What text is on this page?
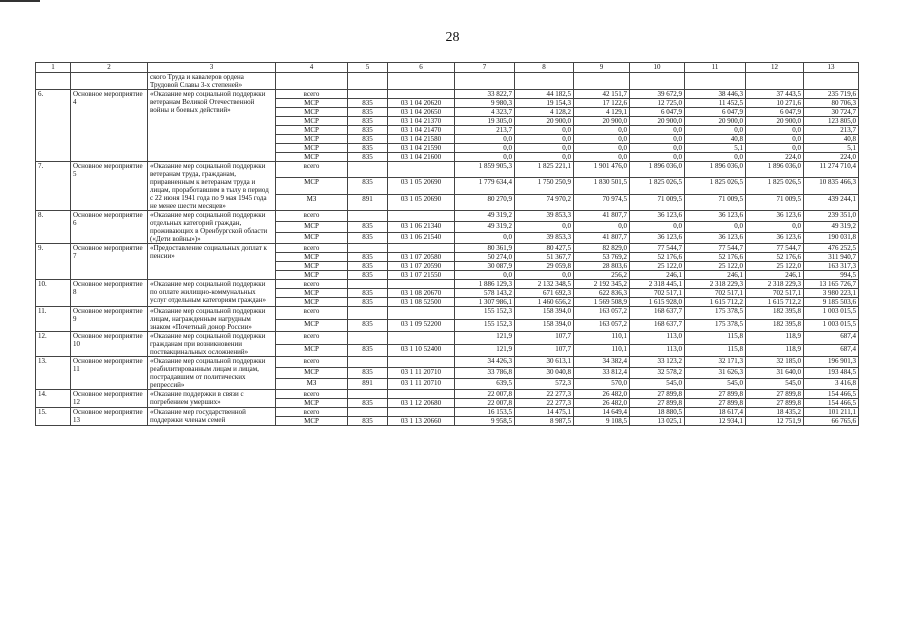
28
1	2	3	4	5	6	7	8	9	10	11	12	13
		ского Труда и кавалеров ордена Трудовой Славы 3-х степеней»										
6.	Основное мероприятие 4	«Оказание мер социальной поддержки ветеранам Великой Отечественной войны и боевых действий»	всего			33 822,7	44 182,5	42 151,7	39 672,9	38 446,3	37 443,5	235 719,6
			МСР	835	03 1 04 20620	9 980,3	19 154,3	17 122,6	12 725,0	11 452,5	10 271,6	80 706,3
			МСР	835	03 1 04 20650	4 323,7	4 128,2	4 129,1	6 047,9	6 047,9	6 047,9	30 724,7
			МСР	835	03 1 04 21370	19 305,0	20 900,0	20 900,0	20 900,0	20 900,0	20 900,0	123 805,0
			МСР	835	03 1 04 21470	213,7	0,0	0,0	0,0	0,0	0,0	213,7
			МСР	835	03 1 04 21580	0,0	0,0	0,0	0,0	40,8	0,0	40,8
			МСР	835	03 1 04 21590	0,0	0,0	0,0	0,0	5,1	0,0	5,1
			МСР	835	03 1 04 21600	0,0	0,0	0,0	0,0	0,0	224,0	224,0
7.	Основное мероприятие 5	«Оказание мер социальной поддержки ветеранам труда, гражданам, приравненным к ветеранам труда и лицам, проработавшим в тылу в период с 22 июня 1941 года по 9 мая 1945 года не менее шести месяцев»	всего			1 859 905,3	1 825 221,1	1 901 476,0	1 896 036,0	1 896 036,0	1 896 036,0	11 274 710,4
			МСР	835	03 1 05 20690	1 779 634,4	1 750 250,9	1 830 501,5	1 825 026,5	1 825 026,5	1 825 026,5	10 835 466,3
			МЗ	891	03 1 05 20690	80 270,9	74 970,2	70 974,5	71 009,5	71 009,5	71 009,5	439 244,1
8.	Основное мероприятие 6	«Оказание мер социальной поддержки отдельных категорий граждан, проживающих в Оренбургской области («Дети войны»)»	всего			49 319,2	39 853,3	41 807,7	36 123,6	36 123,6	36 123,6	239 351,0
			МСР	835	03 1 06 21340	49 319,2	0,0	0,0	0,0	0,0	0,0	49 319,2
			МСР	835	03 1 06 21540	0,0	39 853,3	41 807,7	36 123,6	36 123,6	36 123,6	190 031,8
9.	Основное мероприятие 7	«Предоставление социальных доплат к пенсии»	всего			80 361,9	80 427,5	82 829,0	77 544,7	77 544,7	77 544,7	476 252,5
			МСР	835	03 1 07 20580	50 274,0	51 367,7	53 769,2	52 176,6	52 176,6	52 176,6	311 940,7
			МСР	835	03 1 07 20590	30 087,9	29 059,8	28 803,6	25 122,0	25 122,0	25 122,0	163 317,3
			МСР	835	03 1 07 21550	0,0	0,0	256,2	246,1	246,1	246,1	994,5
10.	Основное мероприятие 8	«Оказание мер социальной поддержки по оплате жилищно-коммунальных услуг отдельным категориям граждан»	всего			1 886 129,3	2 132 348,5	2 192 345,2	2 318 445,1	2 318 229,3	2 318 229,3	13 165 726,7
			МСР	835	03 1 08 20670	578 143,2	671 692,3	622 836,3	702 517,1	702 517,1	702 517,1	3 980 223,1
			МСР	835	03 1 08 52500	1 307 986,1	1 460 656,2	1 569 508,9	1 615 928,0	1 615 712,2	1 615 712,2	9 185 503,6
11.	Основное мероприятие 9	«Оказание мер социальной поддержки лицам, награжденным нагрудным знаком «Почетный донор России»	всего			155 152,3	158 394,0	163 057,2	168 637,7	175 378,5	182 395,8	1 003 015,5
			МСР	835	03 1 09 52200	155 152,3	158 394,0	163 057,2	168 637,7	175 378,5	182 395,8	1 003 015,5
12.	Основное мероприятие 10	«Оказание мер социальной поддержки гражданам при возникновении поствакцинальных осложнений»	всего			121,9	107,7	110,1	113,0	115,8	118,9	687,4
			МСР	835	03 1 10 52400	121,9	107,7	110,1	113,0	115,8	118,9	687,4
13.	Основное мероприятие 11	«Оказание мер социальной поддержки реабилитированным лицам и лицам, пострадавшим от политических репрессий»	всего			34 426,3	30 613,1	34 382,4	33 123,2	32 171,3	32 185,0	196 901,3
			МСР	835	03 1 11 20710	33 786,8	30 040,8	33 812,4	32 578,2	31 626,3	31 640,0	193 484,5
			МЗ	891	03 1 11 20710	639,5	572,3	570,0	545,0	545,0	545,0	3 416,8
14.	Основное мероприятие 12	«Оказание поддержки в связи с погребением умерших»	всего			22 007,8	22 277,3	26 482,0	27 899,8	27 899,8	27 899,8	154 466,5
			МСР	835	03 1 12 20680	22 007,8	22 277,3	26 482,0	27 899,8	27 899,8	27 899,8	154 466,5
15.	Основное мероприятие 13	«Оказание мер государственной поддержки членам семей	всего			16 153,5	14 475,1	14 649,4	18 880,5	18 617,4	18 435,2	101 211,1
			МСР	835	03 1 13 20660	9 958,5	8 987,5	9 108,5	13 025,1	12 934,1	12 751,9	66 765,6
